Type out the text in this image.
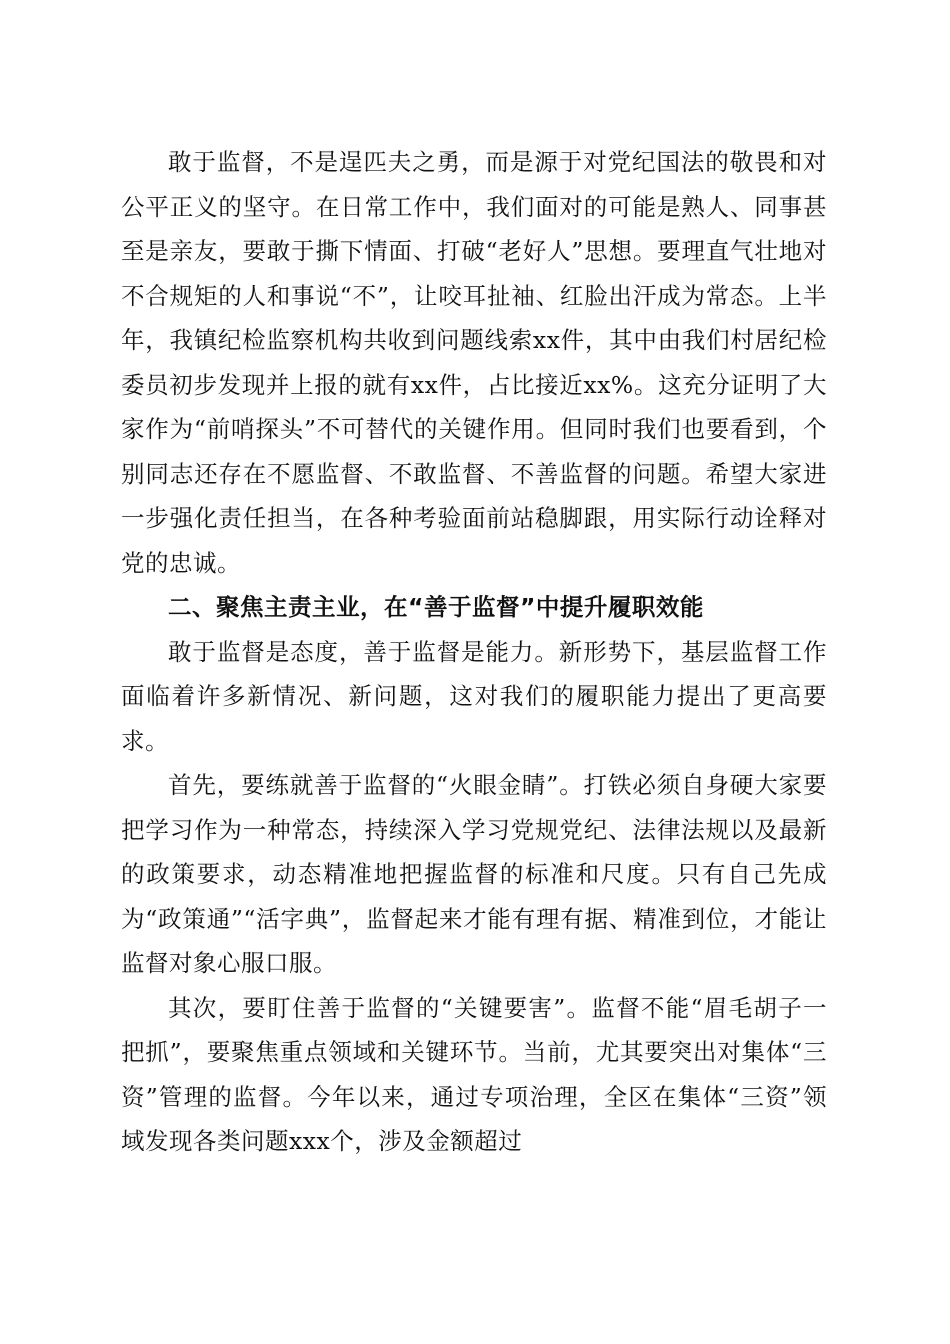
敢于监督，不是逞匹夫之勇，而是源于对党纪国法的敬畏和对公平正义的坚守。在日常工作中，我们面对的可能是熟人、同事甚至是亲友，要敢于撕下情面、打破“老好人”思想。要理直气壮地对不合规矩的人和事说“不”，让咬耳扯袖、红脸出汗成为常态。上半年，我镇纪检监察机构共收到问题线索xx件，其中由我们村居纪检委员初步发现并上报的就有xx件，占比接近xx%。这充分证明了大家作为“前哨探头”不可替代的关键作用。但同时我们也要看到，个别同志还存在不愿监督、不敢监督、不善监督的问题。希望大家进一步强化责任担当，在各种考验面前站稳脚跟，用实际行动诠释对党的忠诚。

二、聚焦主责主业，在“善于监督”中提升履职效能

敢于监督是态度，善于监督是能力。新形势下，基层监督工作面临着许多新情况、新问题，这对我们的履职能力提出了更高要求。

首先，要练就善于监督的“火眼金睛”。打铁必须自身硬大家要把学习作为一种常态，持续深入学习党规党纪、法律法规以及最新的政策要求，动态精准地把握监督的标准和尺度。只有自己先成为“政策通”“活字典”，监督起来才能有理有据、精准到位，才能让监督对象心服口服。

其次，要盯住善于监督的“关键要害”。监督不能“眉毛胡子一把抓”，要聚焦重点领域和关键环节。当前，尤其要突出对集体“三资”管理的监督。今年以来，通过专项治理，全区在集体“三资”领域发现各类问题xxx个，涉及金额超过
